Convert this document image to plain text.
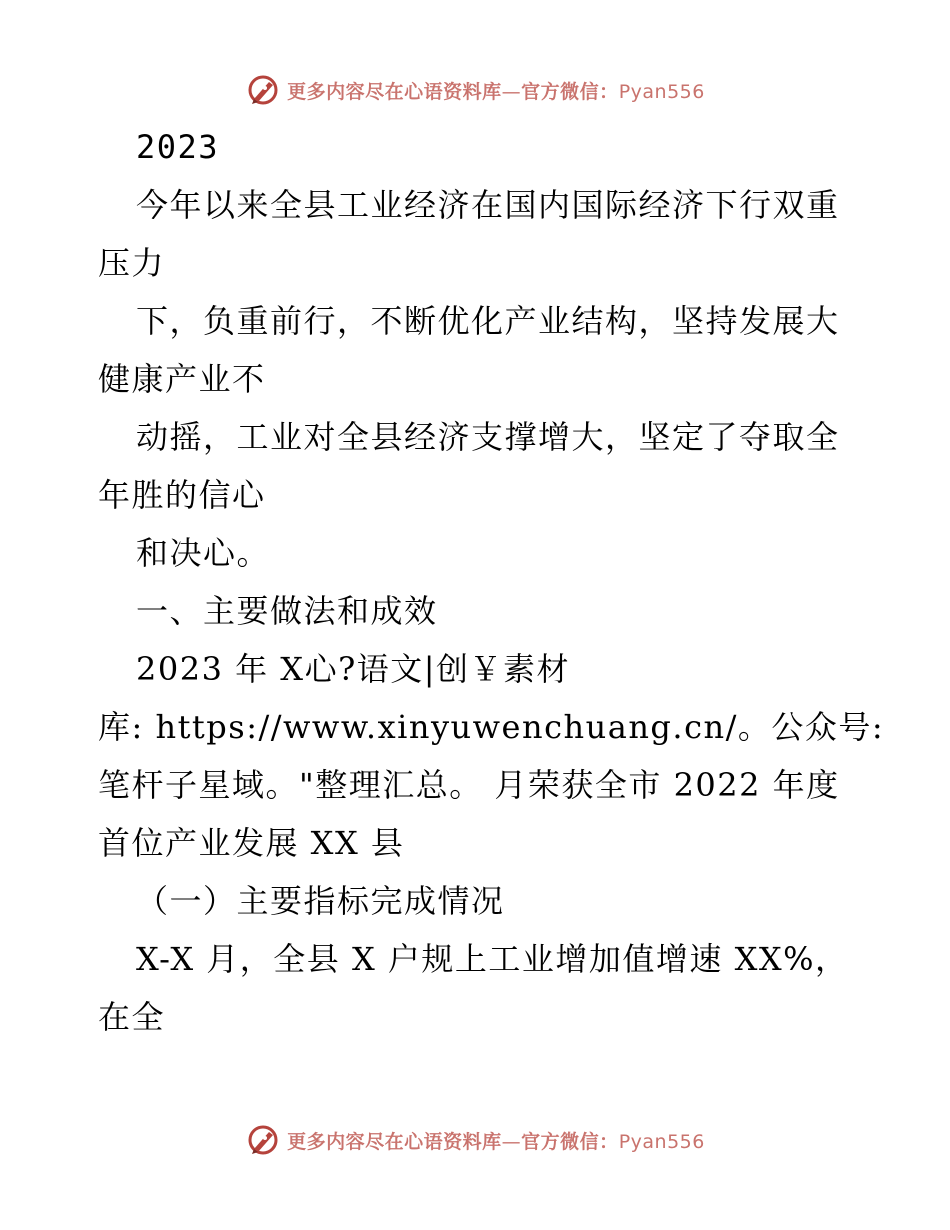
更多内容尽在心语资料库—官方微信：Pyan556
2023
今年以来全县工业经济在国内国际经济下行双重
压力
下，负重前行，不断优化产业结构，坚持发展大
健康产业不
动摇，工业对全县经济支撑增大，坚定了夺取全
年胜的信心
和决心。
一、主要做法和成效
2023 年 X心?语文|创￥素材
库: https://www.xinyuwenchuang.cn/。公众号:
笔杆子星域。"整理汇总。 月荣获全市 2022 年度
首位产业发展 XX 县
（一）主要指标完成情况
X-X 月，全县 X 户规上工业增加值增速 XX%，
在全
更多内容尽在心语资料库—官方微信：Pyan556
